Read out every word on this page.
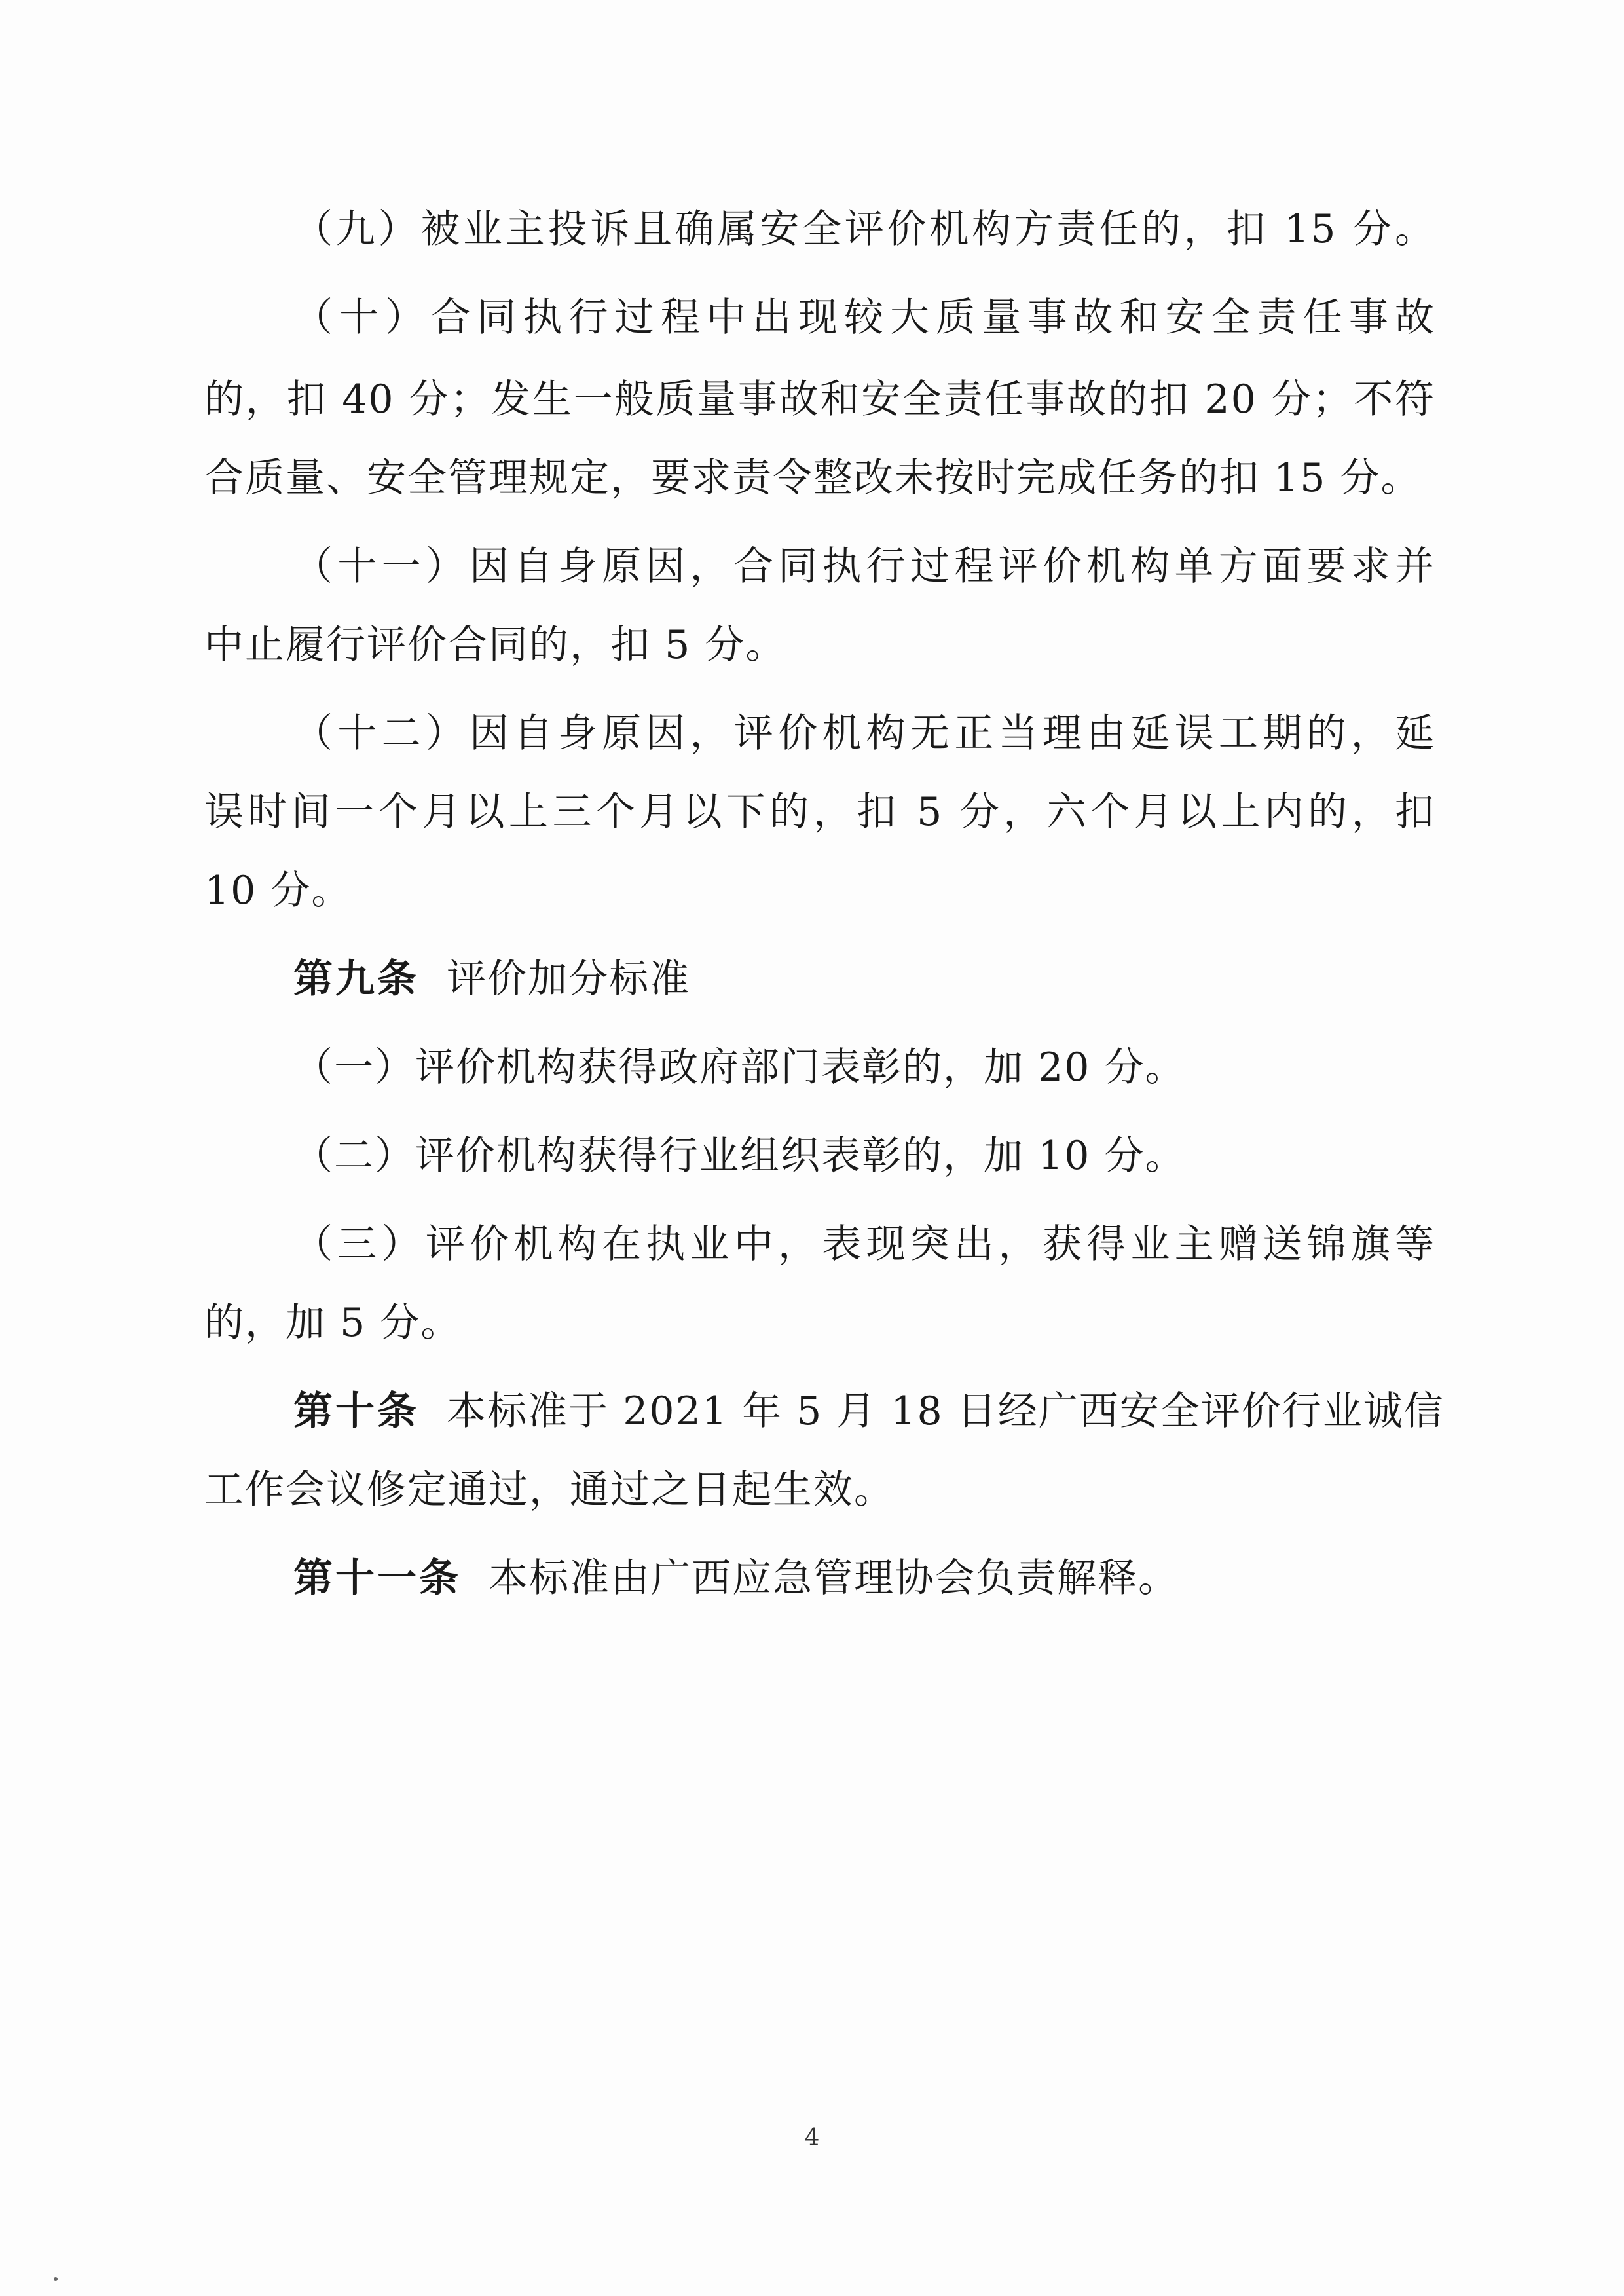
（九）被业主投诉且确属安全评价机构方责任的，扣 15 分。
（十）合同执行过程中出现较大质量事故和安全责任事故
的，扣 40 分；发生一般质量事故和安全责任事故的扣 20 分；不符
合质量、安全管理规定，要求责令整改未按时完成任务的扣 15 分。
（十一）因自身原因，合同执行过程评价机构单方面要求并
中止履行评价合同的，扣 5 分。
（十二）因自身原因，评价机构无正当理由延误工期的，延
误时间一个月以上三个月以下的，扣 5 分，六个月以上内的，扣
10 分。
第九条 评价加分标准
（一）评价机构获得政府部门表彰的，加 20 分。
（二）评价机构获得行业组织表彰的，加 10 分。
（三）评价机构在执业中，表现突出，获得业主赠送锦旗等
的，加 5 分。
第十条 本标准于 2021 年 5 月 18 日经广西安全评价行业诚信
工作会议修定通过，通过之日起生效。
第十一条 本标准由广西应急管理协会负责解释。
4
